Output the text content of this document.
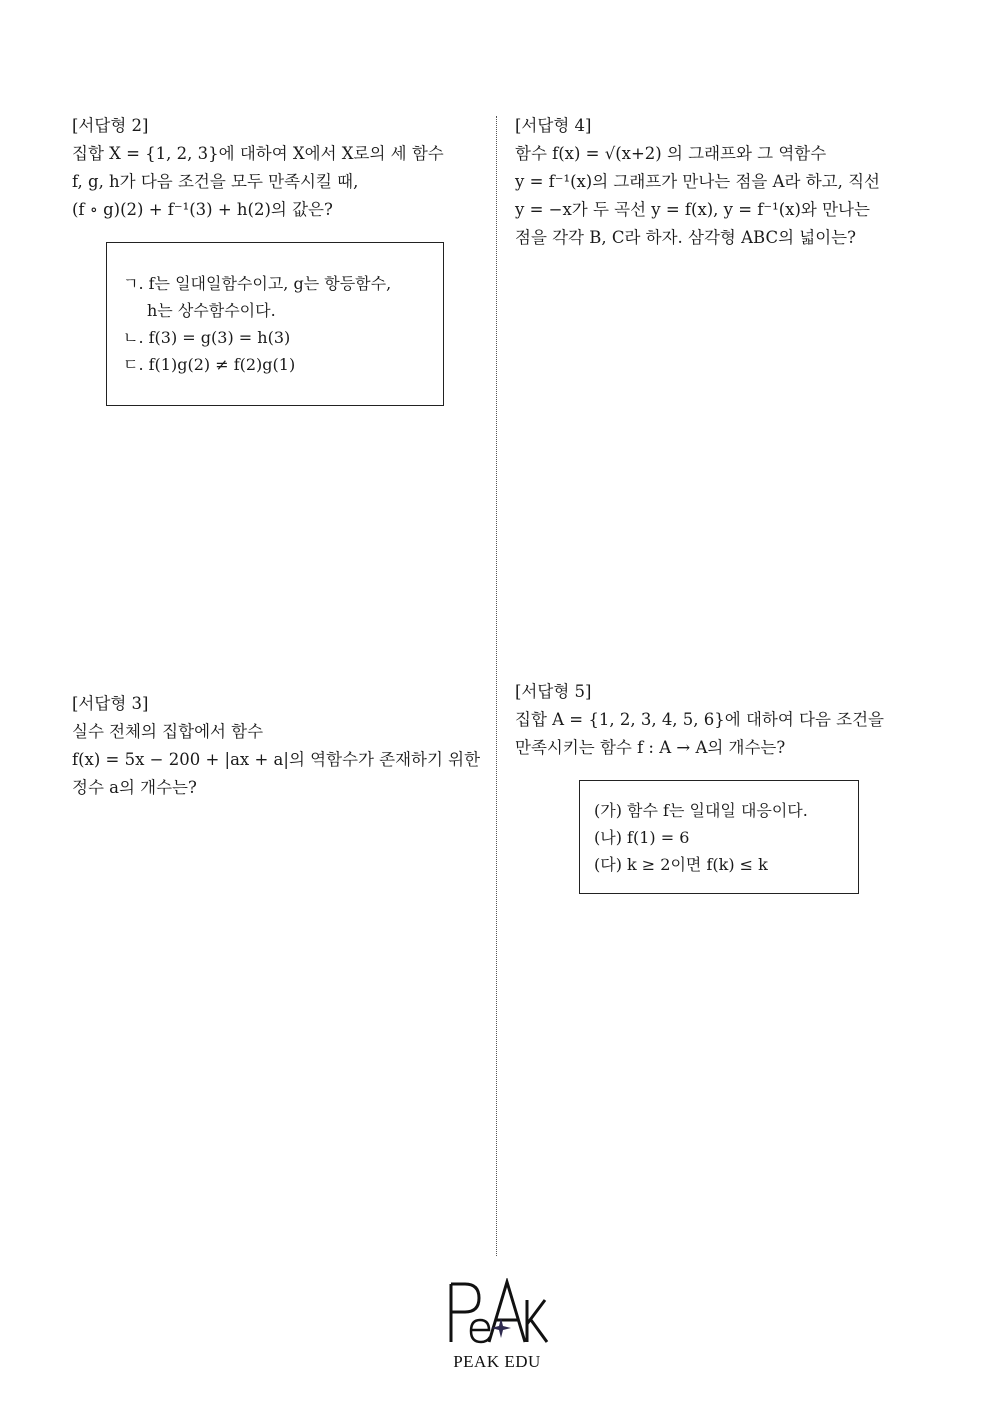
[서답형 2]
집합 X = {1, 2, 3}에 대하여 X에서 X로의 세 함수
f, g, h가 다음 조건을 모두 만족시킬 때,
(f ∘ g)(2) + f⁻¹(3) + h(2)의 값은?
ㄱ. f는 일대일함수이고, g는 항등함수,
h는 상수함수이다.
ㄴ. f(3) = g(3) = h(3)
ㄷ. f(1)g(2) ≠ f(2)g(1)
[서답형 4]
함수 f(x) = √(x+2) 의 그래프와 그 역함수
y = f⁻¹(x)의 그래프가 만나는 점을 A라 하고, 직선
y = −x가 두 곡선 y = f(x), y = f⁻¹(x)와 만나는
점을 각각 B, C라 하자. 삼각형 ABC의 넓이는?
[서답형 3]
실수 전체의 집합에서 함수
f(x) = 5x − 200 + |ax + a|의 역함수가 존재하기 위한
정수 a의 개수는?
[서답형 5]
집합 A = {1, 2, 3, 4, 5, 6}에 대하여 다음 조건을
만족시키는 함수 f : A → A의 개수는?
(가) 함수 f는 일대일 대응이다.
(나) f(1) = 6
(다) k ≥ 2이면 f(k) ≤ k
PEAK EDU
